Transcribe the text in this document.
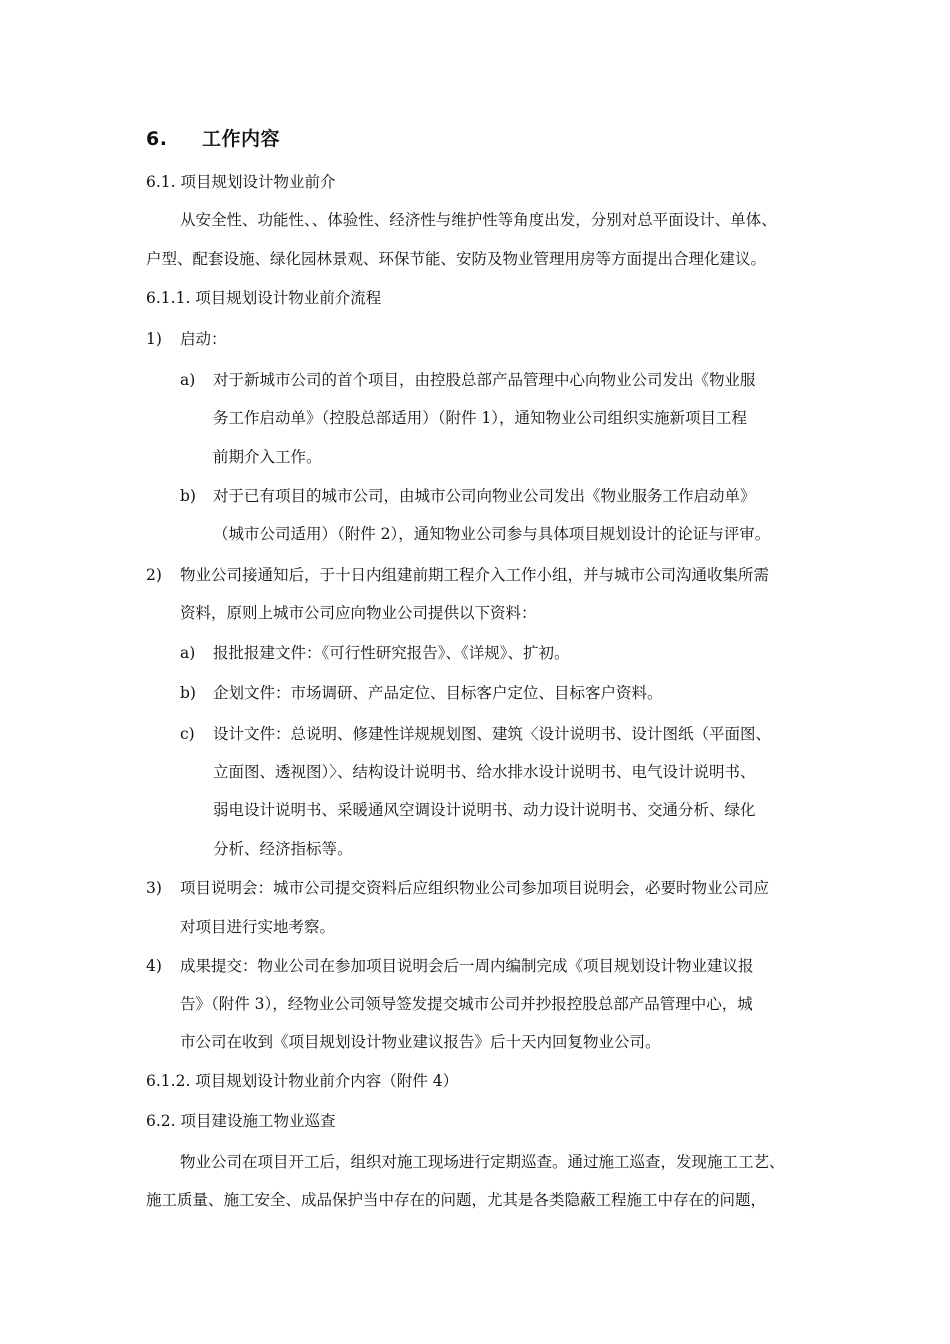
6. 工作内容
6.1. 项目规划设计物业前介
从安全性、功能性、、体验性、经济性与维护性等角度出发，分别对总平面设计、单体、
户型、配套设施、绿化园林景观、环保节能、安防及物业管理用房等方面提出合理化建议。
6.1.1. 项目规划设计物业前介流程
1) 启动：
a) 对于新城市公司的首个项目，由控股总部产品管理中心向物业公司发出《物业服
务工作启动单》（控股总部适用）（附件 1），通知物业公司组织实施新项目工程
前期介入工作。
b) 对于已有项目的城市公司，由城市公司向物业公司发出《物业服务工作启动单》
（城市公司适用）（附件 2），通知物业公司参与具体项目规划设计的论证与评审。
2) 物业公司接通知后，于十日内组建前期工程介入工作小组，并与城市公司沟通收集所需
资料，原则上城市公司应向物业公司提供以下资料：
a) 报批报建文件：《可行性研究报告》、《详规》、扩初。
b) 企划文件：市场调研、产品定位、目标客户定位、目标客户资料。
c) 设计文件：总说明、修建性详规规划图、建筑〈设计说明书、设计图纸（平面图、
立面图、透视图）〉、结构设计说明书、给水排水设计说明书、电气设计说明书、
弱电设计说明书、采暖通风空调设计说明书、动力设计说明书、交通分析、绿化
分析、经济指标等。
3) 项目说明会：城市公司提交资料后应组织物业公司参加项目说明会，必要时物业公司应
对项目进行实地考察。
4) 成果提交：物业公司在参加项目说明会后一周内编制完成《项目规划设计物业建议报
告》（附件 3），经物业公司领导签发提交城市公司并抄报控股总部产品管理中心，城
市公司在收到《项目规划设计物业建议报告》后十天内回复物业公司。
6.1.2. 项目规划设计物业前介内容（附件 4）
6.2. 项目建设施工物业巡查
物业公司在项目开工后，组织对施工现场进行定期巡查。通过施工巡查，发现施工工艺、
施工质量、施工安全、成品保护当中存在的问题，尤其是各类隐蔽工程施工中存在的问题，
